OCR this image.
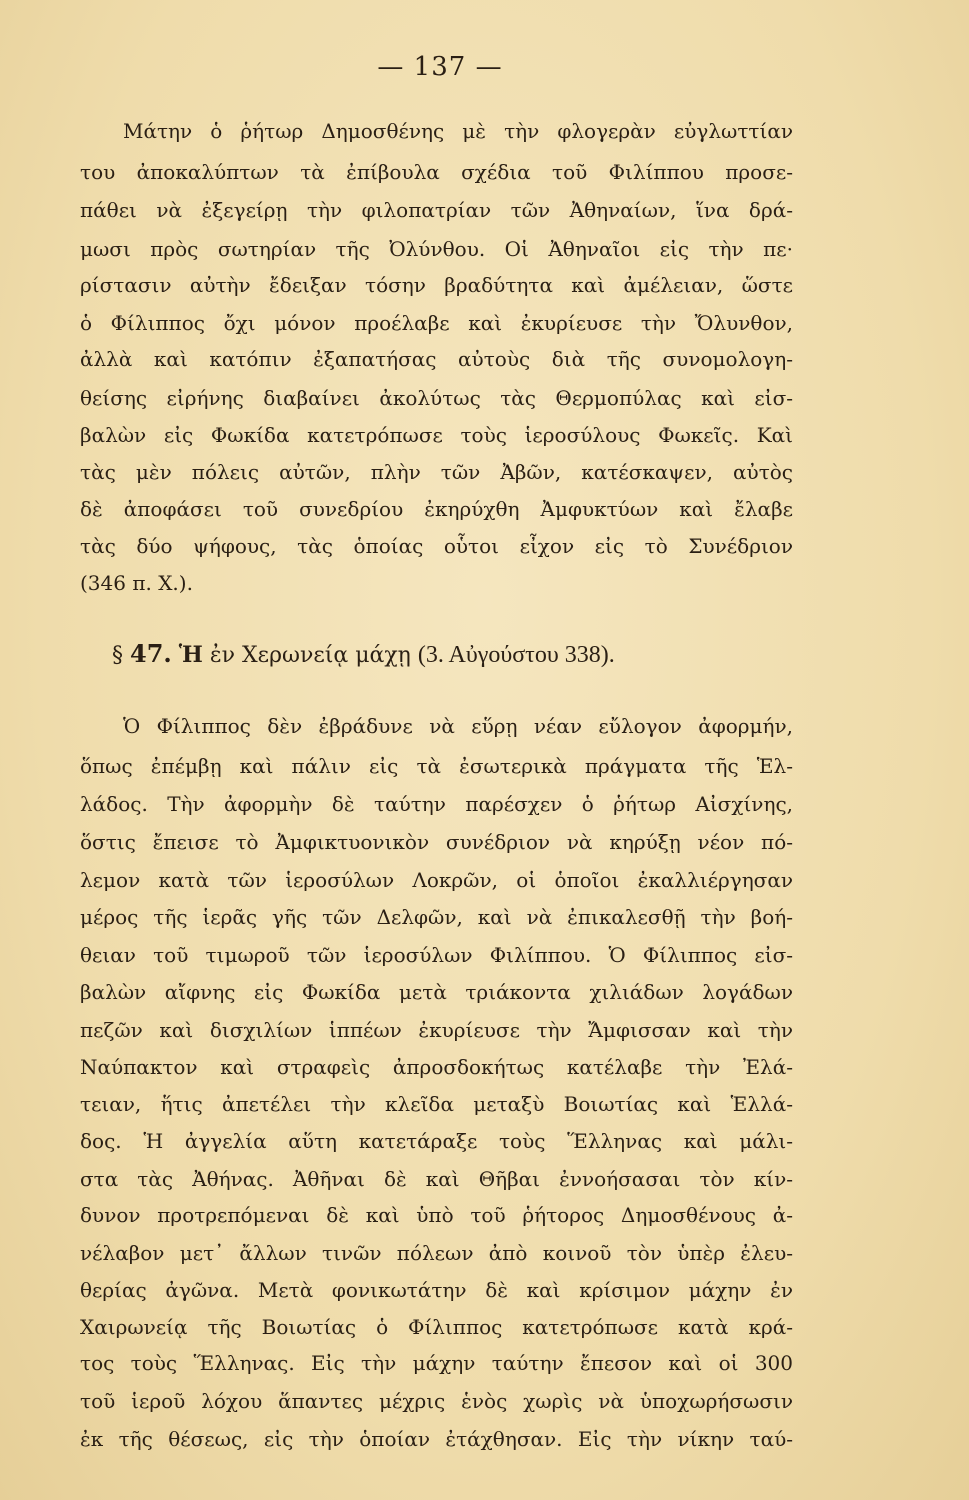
— 137 —
Μάτην ὁ ῥήτωρ Δημοσθένης μὲ τὴν φλογερὰν εὐγλωττίαν
του ἀποκαλύπτων τὰ ἐπίβουλα σχέδια τοῦ Φιλίππου προσε-
πάθει νὰ ἐξεγείρῃ τὴν φιλοπατρίαν τῶν Ἀθηναίων, ἵνα δρά-
μωσι πρὸς σωτηρίαν τῆς Ὀλύνθου. Οἱ Ἀθηναῖοι εἰς τὴν πε·
ρίστασιν αὐτὴν ἔδειξαν τόσην βραδύτητα καὶ ἀμέλειαν, ὥστε
ὁ Φίλιππος ὄχι μόνον προέλαβε καὶ ἐκυρίευσε τὴν Ὄλυνθον,
ἀλλὰ καὶ κατόπιν ἐξαπατήσας αὐτοὺς διὰ τῆς συνομολογη-
θείσης εἰρήνης διαβαίνει ἀκολύτως τὰς Θερμοπύλας καὶ εἰσ-
βαλὼν εἰς Φωκίδα κατετρόπωσε τοὺς ἱεροσύλους Φωκεῖς. Καὶ
τὰς μὲν πόλεις αὐτῶν, πλὴν τῶν Ἀβῶν, κατέσκαψεν, αὐτὸς
δὲ ἀποφάσει τοῦ συνεδρίου ἐκηρύχθη Ἀμφυκτύων καὶ ἔλαβε
τὰς δύο ψήφους, τὰς ὁποίας οὗτοι εἶχον εἰς τὸ Συνέδριον
(346 π. Χ.).
§ 47. Ἡ ἐν Χερωνείᾳ μάχῃ (3. Αὐγούστου 338).
Ὁ Φίλιππος δὲν ἐβράδυνε νὰ εὕρῃ νέαν εὔλογον ἀφορμήν,
ὅπως ἐπέμβῃ καὶ πάλιν εἰς τὰ ἐσωτερικὰ πράγματα τῆς Ἑλ-
λάδος. Τὴν ἀφορμὴν δὲ ταύτην παρέσχεν ὁ ῥήτωρ Αἰσχίνης,
ὅστις ἔπεισε τὸ Ἀμφικτυονικὸν συνέδριον νὰ κηρύξῃ νέον πό-
λεμον κατὰ τῶν ἱεροσύλων Λοκρῶν, οἱ ὁποῖοι ἐκαλλιέργησαν
μέρος τῆς ἱερᾶς γῆς τῶν Δελφῶν, καὶ νὰ ἐπικαλεσθῇ τὴν βοή-
θειαν τοῦ τιμωροῦ τῶν ἱεροσύλων Φιλίππου. Ὁ Φίλιππος εἰσ-
βαλὼν αἴφνης εἰς Φωκίδα μετὰ τριάκοντα χιλιάδων λογάδων
πεζῶν καὶ δισχιλίων ἱππέων ἐκυρίευσε τὴν Ἄμφισσαν καὶ τὴν
Ναύπακτον καὶ στραφεὶς ἀπροσδοκήτως κατέλαβε τὴν Ἐλά-
τειαν, ἥτις ἀπετέλει τὴν κλεῖδα μεταξὺ Βοιωτίας καὶ Ἑλλά-
δος. Ἡ ἀγγελία αὕτη κατετάραξε τοὺς Ἕλληνας καὶ μάλι-
στα τὰς Ἀθήνας. Ἀθῆναι δὲ καὶ Θῆβαι ἐννοήσασαι τὸν κίν-
δυνον προτρεπόμεναι δὲ καὶ ὑπὸ τοῦ ῥήτορος Δημοσθένους ἀ-
νέλαβον μετ᾽ ἄλλων τινῶν πόλεων ἀπὸ κοινοῦ τὸν ὑπὲρ ἐλευ-
θερίας ἀγῶνα. Μετὰ φονικωτάτην δὲ καὶ κρίσιμον μάχην ἐν
Χαιρωνείᾳ τῆς Βοιωτίας ὁ Φίλιππος κατετρόπωσε κατὰ κρά-
τος τοὺς Ἕλληνας. Εἰς τὴν μάχην ταύτην ἔπεσον καὶ οἱ 300
τοῦ ἱεροῦ λόχου ἅπαντες μέχρις ἑνὸς χωρὶς νὰ ὑποχωρήσωσιν
ἐκ τῆς θέσεως, εἰς τὴν ὁποίαν ἐτάχθησαν. Εἰς τὴν νίκην ταύ-
